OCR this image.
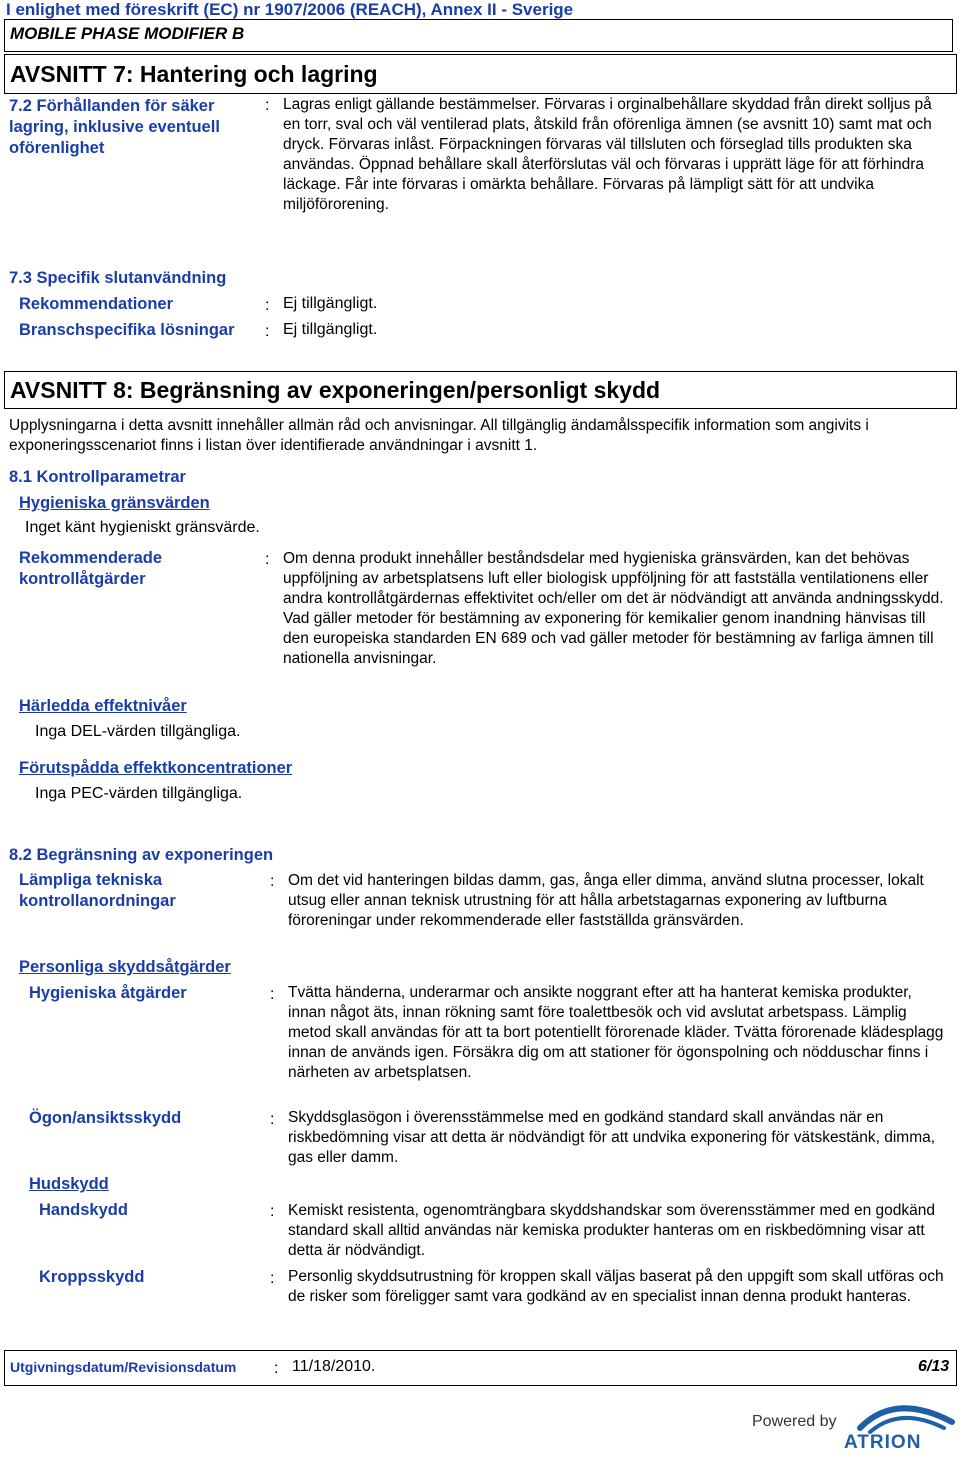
I enlighet med föreskrift (EC) nr 1907/2006 (REACH), Annex II - Sverige
MOBILE PHASE MODIFIER B
AVSNITT 7: Hantering och lagring
7.2 Förhållanden för säker lagring, inklusive eventuell oförenlighet
: Lagras enligt gällande bestämmelser. Förvaras i orginalbehållare skyddad från direkt solljus på en torr, sval och väl ventilerad plats, åtskild från oförenliga ämnen (se avsnitt 10) samt mat och dryck. Förvaras inlåst. Förpackningen förvaras väl tillsluten och förseglad tills produkten ska användas. Öppnad behållare skall återförslutas väl och förvaras i upprätt läge för att förhindra läckage. Får inte förvaras i omärkta behållare. Förvaras på lämpligt sätt för att undvika miljöförorening.
7.3 Specifik slutanvändning
Rekommendationer	: Ej tillgängligt.
Branschspecifika lösningar : Ej tillgängligt.
AVSNITT 8: Begränsning av exponeringen/personligt skydd
Upplysningarna i detta avsnitt innehåller allmän råd och anvisningar. All tillgänglig ändamålsspecifik information som angivits i exponeringsscenariot finns i listan över identifierade användningar i avsnitt 1.
8.1 Kontrollparametrar
Hygieniska gränsvärden
Inget känt hygieniskt gränsvärde.
Rekommenderade kontrollåtgärder
: Om denna produkt innehåller beståndsdelar med hygieniska gränsvärden, kan det behövas uppföljning av arbetsplatsens luft eller biologisk uppföljning för att fastställa ventilationens eller andra kontrollåtgärdernas effektivitet och/eller om det är nödvändigt att använda andningsskydd. Vad gäller metoder för bestämning av exponering för kemikalier genom inandning hänvisas till den europeiska standarden EN 689 och vad gäller metoder för bestämning av farliga ämnen till nationella anvisningar.
Härledda effektnivåer
Inga DEL-värden tillgängliga.
Förutspådda effektkoncentrationer
Inga PEC-värden tillgängliga.
8.2 Begränsning av exponeringen
Lämpliga tekniska kontrollanordningar
: Om det vid hanteringen bildas damm, gas, ånga eller dimma, använd slutna processer, lokalt utsug eller annan teknisk utrustning för att hålla arbetstagarnas exponering av luftburna föroreningar under rekommenderade eller fastställda gränsvärden.
Personliga skyddsåtgärder
Hygieniska åtgärder	: Tvätta händerna, underarmar och ansikte noggrant efter att ha hanterat kemiska produkter, innan något äts, innan rökning samt före toalettbesök och vid avslutat arbetspass. Lämplig metod skall användas för att ta bort potentiellt förorenade kläder. Tvätta förorenade klädesplagg innan de används igen. Försäkra dig om att stationer för ögonspolning och nödduschar finns i närheten av arbetsplatsen.
Ögon/ansiktsskydd	: Skyddsglasögon i överensstämmelse med en godkänd standard skall användas när en riskbedömning visar att detta är nödvändigt för att undvika exponering för vätskestänk, dimma, gas eller damm.
Hudskydd
Handskydd	: Kemiskt resistenta, ogenomträngbara skyddshandskar som överensstämmer med en godkänd standard skall alltid användas när kemiska produkter hanteras om en riskbedömning visar att detta är nödvändigt.
Kroppsskydd	: Personlig skyddsutrustning för kroppen skall väljas baserat på den uppgift som skall utföras och de risker som föreligger samt vara godkänd av en specialist innan denna produkt hanteras.
Utgivningsdatum/Revisionsdatum : 11/18/2010.	6/13
Powered by
ATRION
